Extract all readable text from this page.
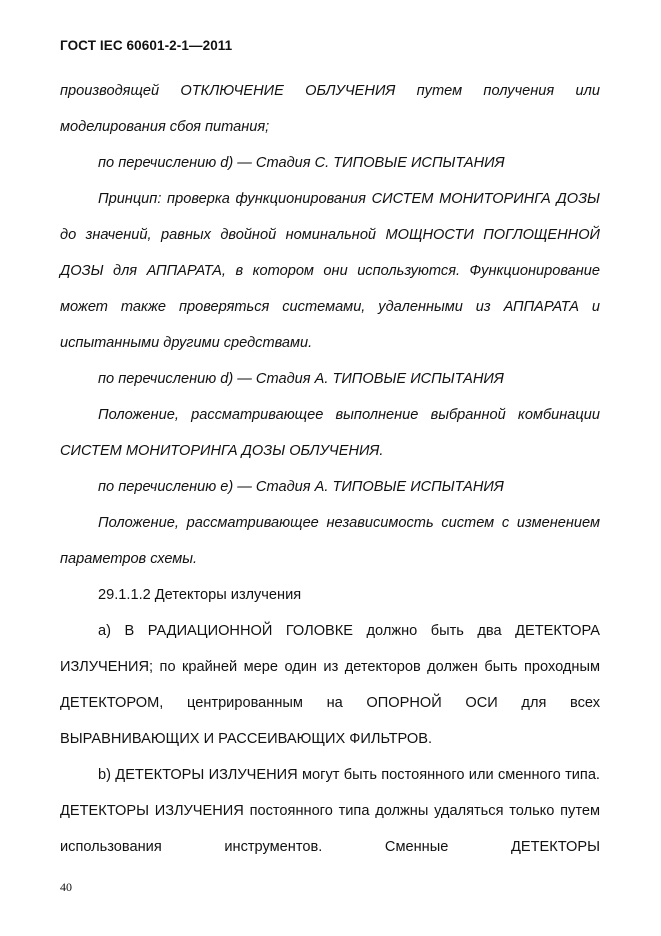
ГОСТ IEC 60601-2-1—2011

производящей ОТКЛЮЧЕНИЕ ОБЛУЧЕНИЯ путем получения или моделирования сбоя питания;

по перечислению d) — Стадия С. ТИПОВЫЕ ИСПЫТАНИЯ

Принцип: проверка функционирования СИСТЕМ МОНИТОРИНГА ДОЗЫ до значений, равных двойной номинальной МОЩНОСТИ ПОГЛОЩЕННОЙ ДОЗЫ для АППАРАТА, в котором они используются. Функционирование может также проверяться системами, удаленными из АППАРАТА и испытанными другими средствами.

по перечислению d) — Стадия А. ТИПОВЫЕ ИСПЫТАНИЯ

Положение, рассматривающее выполнение выбранной комбинации СИСТЕМ МОНИТОРИНГА ДОЗЫ ОБЛУЧЕНИЯ.

по перечислению е) — Стадия А. ТИПОВЫЕ ИСПЫТАНИЯ

Положение, рассматривающее независимость систем с изменением параметров схемы.

29.1.1.2 Детекторы излучения

а) В РАДИАЦИОННОЙ ГОЛОВКЕ должно быть два ДЕТЕКТОРА ИЗЛУЧЕНИЯ; по крайней мере один из детекторов должен быть проходным ДЕТЕКТОРОМ, центрированным на ОПОРНОЙ ОСИ для всех ВЫРАВНИВАЮЩИХ И РАССЕИВАЮЩИХ ФИЛЬТРОВ.

b) ДЕТЕКТОРЫ ИЗЛУЧЕНИЯ могут быть постоянного или сменного типа. ДЕТЕКТОРЫ ИЗЛУЧЕНИЯ постоянного типа должны удаляться только путем использования инструментов. Сменные ДЕТЕКТОРЫ

40
